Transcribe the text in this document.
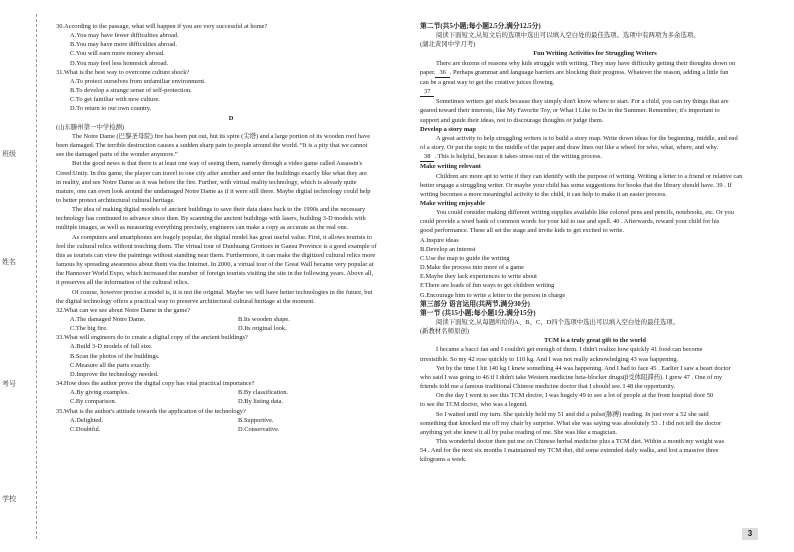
班级
姓名
考号
学校
30.According to the passage, what will happen if you are very successful at home?
A.You may have fewer difficulties abroad.
B.You may have more difficulties abroad.
C.You will earn more money abroad.
D.You may feel less homesick abroad.
31.What is the best way to overcome culture shock?
A.To protect ourselves from unfamiliar environment.
B.To develop a strange sense of self-protection.
C.To get familiar with new culture.
D.To return to our own country.
D
(山东滕州第一中学检测)
The Notre Dame (巴黎圣母院) fire has been put out, but its spire (尖塔) and a large portion of its wooden roof have
been damaged. The terrible destruction causes a sudden sharp pain to people around the world. “It is a pity that we cannot
see the damaged parts of the wonder anymore.”
But the good news is that there is at least one way of seeing them, namely through a video game called Assassin's
Creed:Unity. In this game, the player can travel to one city after another and enter the buildings exactly like what they are
in reality, and see Notre Dame as it was before the fire. Further, with virtual reality technology, which is already quite
mature, one can even look around the undamaged Notre Dame as if it were still there. Maybe digital technology could help
to better protect architectural cultural heritage.
The idea of making digital models of ancient buildings to save their data dates back to the 1990s and the necessary
technology has continued to advance since then. By scanning the ancient buildings with lasers, building 3-D models with
multiple images, as well as measuring everything precisely, engineers can make a copy as accurate as the real one.
As computers and smartphones are hugely popular, the digital model has great useful value. First, it allows tourists to
feel the cultural relics without touching them. The virtual tour of Dunhuang Grottoes in Gansu Province is a good example of
this as tourists can view the paintings without standing near them. Furthermore, it can make the digitized cultural relics more
famous by spreading awareness about them via the Internet. In 2000, a virtual tour of the Great Wall became very popular at
the Hannover World Expo, which increased the number of foreign tourists visiting the site in the following years. Above all,
it preserves all the information of the cultural relics.
Of course, however precise a model is, it is not the original. Maybe we will have better technologies in the future, but
the digital technology offers a practical way to preserve architectural cultural heritage at the moment.
32.What can we see about Notre Dame in the game?
A.The damaged Notre Dame.	B.Its wooden shape.
C.The big fire.	D.Its original look.
33.What will engineers do to create a digital copy of the ancient buildings?
A.Build 3-D models of full size.
B.Scan the photos of the buildings.
C.Measure all the parts exactly.
D.Improve the technology needed.
34.How does the author prove the digital copy has vital practical importance?
A.By giving examples.	B.By classification.
C.By comparison.	D.By listing data.
35.What is the author's attitude towards the application of the technology?
A.Delighted.	B.Supportive.
C.Doubtful.	D.Conservative.
第二节(共5小题;每小题2.5分,满分12.5分)
阅读下面短文,从短文后的选项中选出可以填入空白处的最佳选项。选项中有两项为多余选项。
(湖北黄冈中学月考)
Fun Writing Activities for Struggling Writers
There are dozens of reasons why kids struggle with writing. They may have difficulty getting their thoughts down on
paper. 36 . Perhaps grammar and language barriers are blocking their progress. Whatever the reason, adding a little fun
can be a great way to get the creative juices flowing.
37
Sometimes writers get stuck because they simply don't know where to start. For a child, you can try things that are
geared toward their interests, like My Favorite Toy, or What I Like to Do in the Summer. Remember, it's important to
support and guide their ideas, not to discourage thoughts or judge them.
Develop a story map
A great activity to help struggling writers is to build a story map. Write down ideas for the beginning, middle, and end
of a story. Or put the topic in the middle of the paper and draw lines out like a wheel for who, what, where, and why.
38 . This is helpful, because it takes stress out of the writing process.
Make writing relevant
Children are more apt to write if they can identify with the purpose of writing. Writing a letter to a friend or relative can
better engage a struggling writer. Or maybe your child has some suggestions for books that the library should have. 39 . If
writing becomes a more meaningful activity to the child, it can help to make it an easier process.
Make writing enjoyable
You could consider making different writing supplies available like colored pens and pencils, notebooks, etc. Or you
could provide a word bank of common words for your kid to use and spell. 40 . Afterwards, reward your child for his
good performance. These all set the stage and invite kids to get excited to write.
A.Inspire ideas
B.Develop an interest
C.Use the map to guide the writing
D.Make the process into more of a game
E.Maybe they lack experiences to write about
F.There are loads of fun ways to get children writing
G.Encourage him to write a letter to the person in charge
第三部分 语言运用(共两节,满分30分)
第一节 (共15小题;每小题1分,满分15分)
阅读下面短文,从每题所给的A、B、C、D四个选项中选出可以填入空白处的最佳选项。
(新教材名师原创)
TCM is a truly great gift to the world
I became a bacci fan and I couldn't get enough of them. I didn't realize how quickly 41 food can become
irresistible. So my 42 rose quickly to 110 kg. And I was not really acknowledging 43 was happening.
Yet by the time I hit 140 kg I knew something 44 was happening. And I had to face 45 . Earlier I saw a heart doctor
who said I was going to 46 if I didn't take Western medicine beta-blocker drugs(β受体阻滞药). I grew 47 . One of my
friends told me a famous traditional Chinese medicine doctor that I should see. I 48 the opportunity.
On the day I went to see this TCM doctor, I was hugely 49 to see a lot of people at the front hospital door 50
to see the TCM doctor, who was a legend.
So I waited until my turn. She quickly held my 51 and did a pulse(脉搏) reading. In just over a 52 she said
something that knocked me off my chair by surprise. What she was saying was absolutely 53 . I did not tell the doctor
anything yet she knew it all by pulse reading of me. She was like a magician.
This wonderful doctor then put me on Chinese herbal medicine plus a TCM diet. Within a month my weight was
54 . And for the next six months I maintained my TCM diet, did some extended daily walks, and lost a massive three
kilograms a week.
3
